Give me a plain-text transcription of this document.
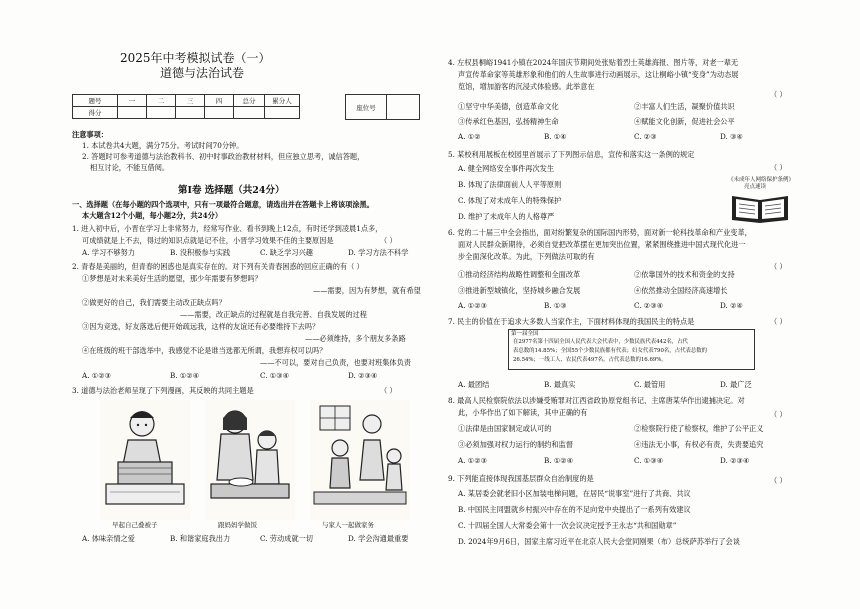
2025年中考模拟试卷（一）
道德与法治试卷
题号	一	二	三	四	总分	累分人
得分						
座位号	
注意事项：
1. 本试卷共4大题，满分75分。考试时间70分钟。
2. 答题时可参考道德与法治教科书、初中时事政治教材材料，但应独立思考，诚信答题，
相互讨论，不能互借阅。
第Ⅰ卷 选择题（共24分）
一、选择题（在每小题的四个选项中，只有一项最符合题意，请选出并在答题卡上将该项涂黑。
本大题含12个小题，每小题2分，共24分）
1. 进入初中后，小晋在学习上非常努力，经常写作业、看书到晚上12点，有时还学到凌晨1点多，
可成绩就是上不去，得过的知识点就是记不住，小晋学习效果不佳的主要原因是	（ ）
A. 学习不够努力	B. 没积极参与实践	C. 缺乏学习兴趣	D. 学习方法不科学
2. 青春是美丽的，但青春的困惑也是真实存在的。对下列有关青春困惑的回应正确的有（ ）
①梦想是对未来美好生活的愿望，那少年需要有梦想吗？
——需要，因为有梦想，就有希望
②做更好的自己，我们需要主动改正缺点吗？
——需要，改正缺点的过程就是自我完善、自我发展的过程
③因为竞选，好友落选后便开始疏远我，这样的友谊还有必要维持下去吗？
——必须维持，多个朋友多条路
④在班级的班干部选举中，我感觉不论是谁当选都无所谓，我想弃权可以吗？
——不可以，要对自己负责，也要对班集体负责
A. ①②③	B. ①②④	C. ①③④	D. ②③④
3. 道德与法治老师呈现了下列漫画，其反映的共同主题是	（ ）
早起自己叠被子	跟妈妈学做饭	与家人一起做家务
A. 体味亲情之爱	B. 和谐家庭我出力	C. 劳动成就一切	D. 学会沟通最重要
4. 左权县桐峪1941小镇在2024年国庆节期间处张贴着烈士英雄海报、图片等，对老一辈无
声宣传革命家等英雄形象和他们的人生故事进行动画展示，这让桐峪小镇“变身”为动态展
览馆，增加游客的沉浸式体验感。此举意在
（ ）
①坚守中华美德，创造革命文化	②丰富人们生活，凝聚价值共识
③传承红色基因，弘扬精神生命	④赋能文化创新，促进社会公平
A. ①②	B. ①④	C. ②③	D. ③④
5. 某校利用展板在校园里首展示了下列图示信息，宣传和落实这一条例的规定
（ ）
A. 健全网络安全事件再次发生
B. 体现了法律面前人人平等原则
C. 体现了对未成年人的特殊保护
D. 维护了未成年人的人格尊严
《未成年人网络保护条例》
亮点速读
6. 党的二十届三中全会指出，面对纷繁复杂的国际国内形势，面对新一轮科技革命和产业变革，
面对人民群众新期待，必须自觉把改革摆在更加突出位置，紧紧围绕推进中国式现代化进一
步全面深化改革。为此，下列做法可取的有
（ ）
①推动经济结构战略性调整和全面改革	②依靠国外的技术和资金的支持
③推进新型城镇化，坚持城乡融合发展	④依然推动全国经济高速增长
A. ①②③	B. ①③	C. ②③④	D. ②④
7. 民主的价值在于追求大多数人当家作主，下面材料体现的我国民主的特点是	（ ）
第一届全国
在2977名第十四届全国人民代表大会代表中，少数民族代表442名，占代
表总数的14.85%；全国55个少数民族都有代表；妇女代表790名，占代表总数的
26.54%；一线工人、农民代表497名，占代表总数的16.69%。
A. 最团结	B. 最真实	C. 最管用	D. 最广泛
8. 最高人民检察院依法以涉嫌受贿罪对江西省政协原党组书记、主席唐某华作出逮捕决定。对
此，小华作出了如下解读，其中正确的有	（ ）
①法律是由国家制定或认可的	②检察院行使了检察权，维护了公平正义
③必须加强对权力运行的制约和监督	④违法无小事，有权必有责，失责要追究
A. ①②③	B. ①②④	C. ①③④	D. ②③④
9. 下列能直接体现我国基层群众自治制度的是	（ ）
A. 某居委会就老旧小区加装电梯问题，在居民“说事室”进行了共商、共议
B. 中国民主同盟就乡村振兴中存在的不足向党中央提出了一系列有效建议
C. 十四届全国人大常委会第十一次会议决定授予王永志“共和国勋章”
D. 2024年9月6日，国家主席习近平在北京人民大会堂同刚果（布）总统萨苏举行了会谈
